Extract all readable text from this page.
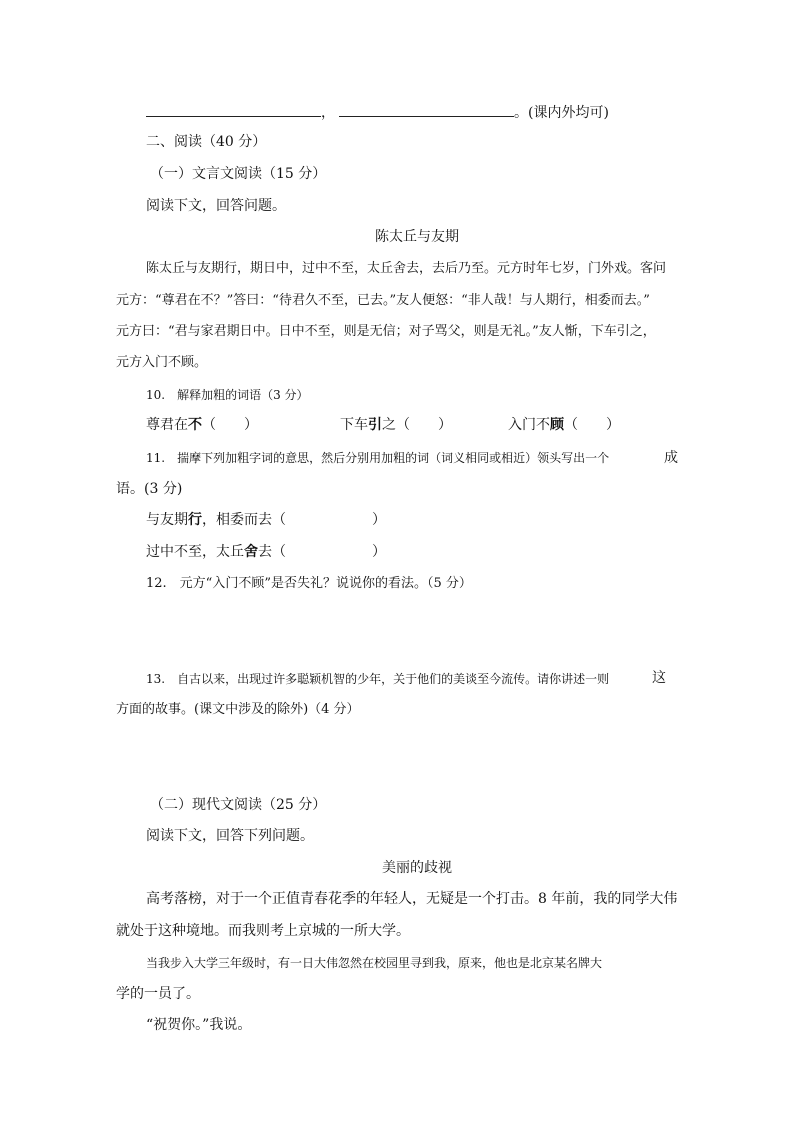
，	。(课内外均可)
二、阅读（40 分）
（一）文言文阅读（15 分）
阅读下文，回答问题。
陈太丘与友期
陈太丘与友期行，期日中，过中不至，太丘舍去，去后乃至。元方时年七岁，门外戏。客问
元方：“尊君在不？”答曰：“待君久不至，已去。”友人便怒：“非人哉！与人期行，相委而去。”
元方曰：“君与家君期日中。日中不至，则是无信；对子骂父，则是无礼。”友人惭，下车引之，
元方入门不顾。
10.　解释加粗的词语（3 分）
尊君在不（　　）	下车引之（　　）	入门不顾（　　）
11.　揣摩下列加粗字词的意思，然后分别用加粗的词（词义相同或相近）领头写出一个	成
语。(3 分)
与友期行，相委而去（	）
过中不至，太丘舍去（	）
12.　元方“入门不顾”是否失礼？说说你的看法。（5 分）
13.　自古以来，出现过许多聪颖机智的少年，关于他们的美谈至今流传。请你讲述一则	这
方面的故事。(课文中涉及的除外)（4 分）
（二）现代文阅读（25 分）
阅读下文，回答下列问题。
美丽的歧视
高考落榜，对于一个正值青春花季的年轻人，无疑是一个打击。8 年前，我的同学大伟
就处于这种境地。而我则考上京城的一所大学。
当我步入大学三年级时，有一日大伟忽然在校园里寻到我，原来，他也是北京某名牌大
学的一员了。
“祝贺你。”我说。
